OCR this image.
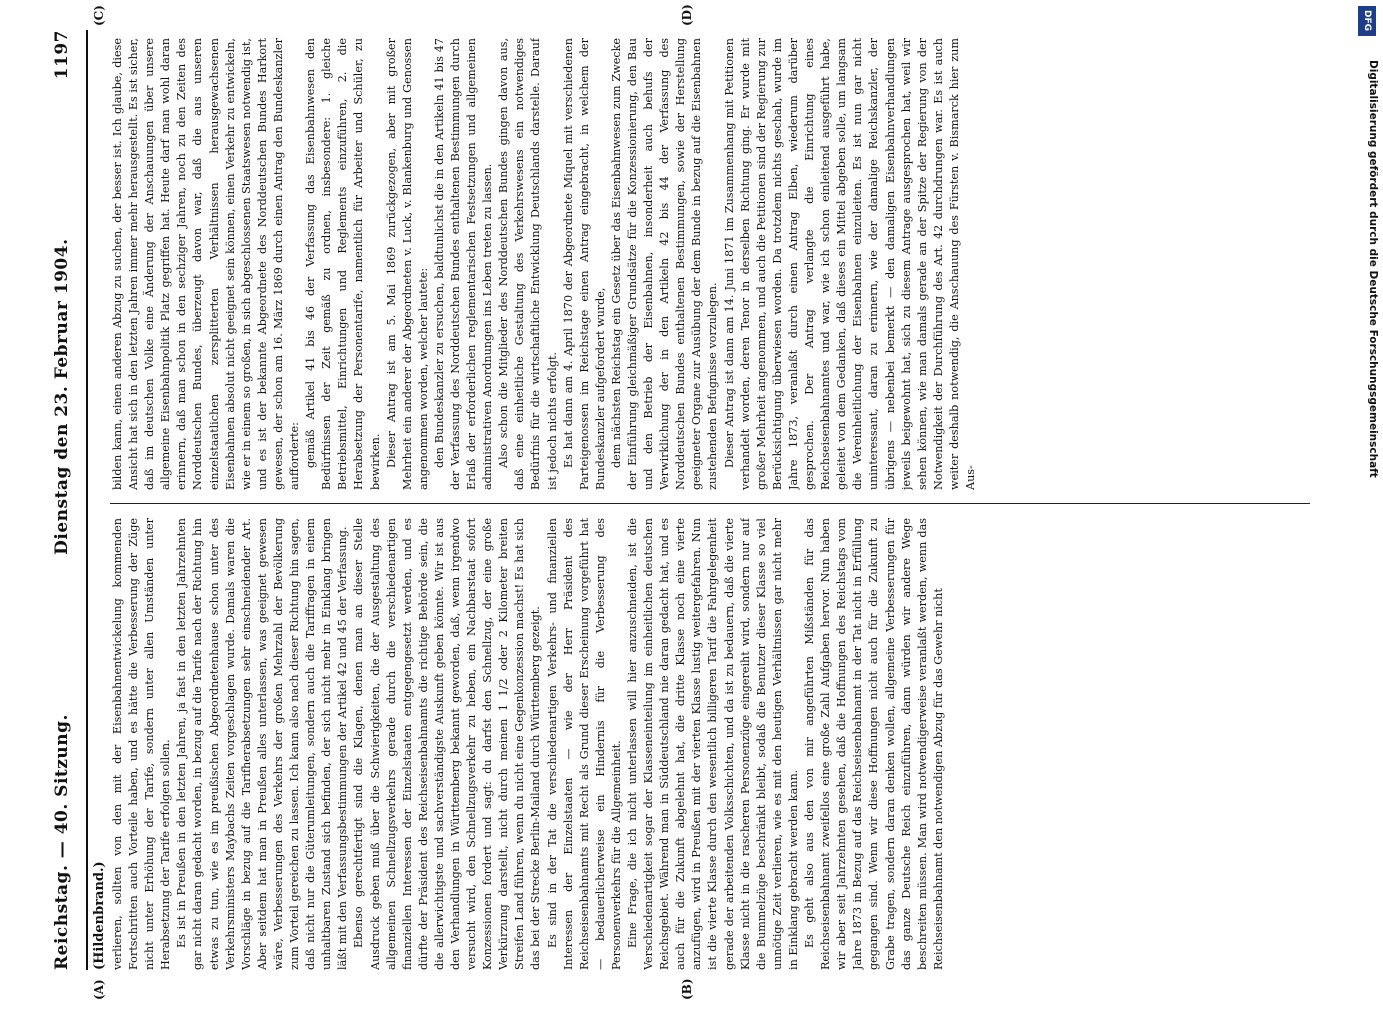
DFG
Reichstag. — 40. Sitzung.
Dienstag den 23. Februar 1904.
1197
(Hildenbrand.) verlieren, sollten von den mit der Eisenbahnentwickelung kommenden Fortschritten auch Vorteile haben, und es hätte die Verbesserung der Züge nicht unter Erhöhung der Tarife, sondern unter allen Umständen unter Herabsetzung der Tarife erfolgen sollen. Es ist in Preußen in den letzten Jahren, ja fast in den letzten Jahrzehnten gar nicht daran gedacht worden, in bezug auf die Tarife nach der Richtung hin etwas zu tun, wie es im preußischen Abgeordnetenhause schon unter des Verkehrsministers Maybachs Zeiten vorgeschlagen wurde. Damals waren die Vorschläge in bezug auf die Tarifherabsetzungen sehr einschneidender Art. Aber seitdem hat man in Preußen alles unterlassen, was geeignet gewesen wäre, Verbesserungen des Verkehrs der großen Mehrzahl der Bevölkerung zum Vorteil gereichen zu lassen. Ich kann also nach dieser Richtung hin sagen, daß nicht nur die Güterumleitungen, sondern auch die Tariffragen in einem unhaltbaren Zustand sich befinden, der sich nicht mehr in Einklang bringen läßt mit den Verfassungsbestimmungen der Artikel 42 und 45 der Verfassung. Ebenso gerechtfertigt sind die Klagen, denen man an dieser Stelle Ausdruck geben muß über die Schwierigkeiten, die der Ausgestaltung des allgemeinen Schnellzugsverkehrs gerade durch die verschiedenartigen finanziellen Interessen der Einzelstaaten entgegengesetzt werden, und es dürfte der Präsident des Reichseisenbahnamts die richtige Behörde sein, die die allerwichtigste und sachverständigste Auskunft geben könnte. Wir ist aus den Verhandlungen in Württemberg bekannt geworden, daß, wenn irgendwo versucht wird, den Schnellzugsverkehr zu heben, ein Nachbarstaat sofort Konzessionen fordert und sagt: du darfst den Schnellzug, der eine große Verkürzung darstellt, nicht durch meinen 1 1/2 oder 2 Kilometer breiten Streifen Land führen, wenn du nicht eine Gegenkonzession machst! Es hat sich das bei der Strecke Berlin-Mailand durch Württemberg gezeigt. Es sind in der Tat die verschiedenartigen Verkehrs- und finanziellen Interessen der Einzelstaaten — wie der Herr Präsident des Reichseisenbahnamts mit Recht als Grund dieser Erscheinung vorgeführt hat — bedauerlicherweise ein Hindernis für die Verbesserung des Personenverkehrs für die Allgemeinheit. Eine Frage, die ich nicht unterlassen will hier anzuschneiden, ist die Verschiedenartigkeit sogar der Klasseneinteilung im einheitlichen deutschen Reichsgebiet. Während man in Süddeutschland nie daran gedacht hat, und es auch für die Zukunft abgelehnt hat, die dritte Klasse noch eine vierte anzufügen, wird in Preußen mit der vierten Klasse lustig weitergefahren. Nun ist die vierte Klasse durch den wesentlich billigeren Tarif die Fahrgelegenheit gerade der arbeitenden Volksschichten, und da ist zu bedauern, daß die vierte Klasse nicht in die rascheren Personenzüge eingereiht wird, sondern nur auf die Bummelzüge beschränkt bleibt, sodaß die Benutzer dieser Klasse so viel unnötige Zeit verlieren, wie es mit den heutigen Verhältnissen gar nicht mehr in Einklang gebracht werden kann. Es geht also aus den von mir angeführten Mißständen für das Reichseisenbahnamt zweifellos eine große Zahl Aufgaben hervor. Nun haben wir aber seit Jahrzehnten gesehen, daß die Hoffnungen des Reichstags vom Jahre 1873 in Bezug auf das Reichseisenbahnamt in der Tat nicht in Erfüllung gegangen sind. Wenn wir diese Hoffnungen nicht auch für die Zukunft zu Grabe tragen, sondern daran denken wollen, allgemeine Verbesserungen für das ganze Deutsche Reich einzuführen, dann würden wir andere Wege beschreiten müssen. Man wird notwendigerweise veranlaßt werden, wenn das Reichseisenbahnamt den notwendigen Abzug für das Gewehr nicht

bilden kann, einen anderen Abzug zu suchen, der besser ist. Ich glaube, diese Ansicht hat sich in den letzten Jahren immer mehr herausgestellt. Es ist sicher, daß im deutschen Volke eine Änderung der Anschauungen über unsere allgemeine Eisenbahnpolitik Platz gegriffen hat. Heute darf man wohl daran erinnern, daß man schon in den sechziger Jahren, noch zu den Zeiten des Norddeutschen Bundes, überzeugt davon war, daß die aus unseren einzelstaatlichen zersplitterten Verhältnissen herausgewachsenen Eisenbahnen absolut nicht geeignet sein können, einen Verkehr zu entwickeln, wie er in einem so großen, in sich abgeschlossenen Staatswesen notwendig ist, und es ist der bekannte Abgeordnete des Norddeutschen Bundes Harkort gewesen, der schon am 16. März 1869 durch einen Antrag den Bundeskanzler aufforderte: gemäß Artikel 41 bis 46 der Verfassung das Eisenbahnwesen den Bedürfnissen der Zeit gemäß zu ordnen, insbesondere: 1. gleiche Betriebsmittel, Einrichtungen und Reglements einzuführen, 2. die Herabsetzung der Personentarife, namentlich für Arbeiter und Schüler, zu bewirken. Dieser Antrag ist am 5. Mai 1869 zurückgezogen, aber mit großer Mehrheit ein anderer der Abgeordneten v. Luck, v. Blankenburg und Genossen angenommen worden, welcher lautete: den Bundeskanzler zu ersuchen, baldtunlichst die in den Artikeln 41 bis 47 der Verfassung des Norddeutschen Bundes enthaltenen Bestimmungen durch Erlaß der erforderlichen reglementarischen Festsetzungen und allgemeinen administrativen Anordnungen ins Leben treten zu lassen. Also schon die Mitglieder des Norddeutschen Bundes gingen davon aus, daß eine einheitliche Gestaltung des Verkehrswesens ein notwendiges Bedürfnis für die wirtschaftliche Entwicklung Deutschlands darstelle. Darauf ist jedoch nichts erfolgt. Es hat dann am 4. April 1870 der Abgeordnete Miquel mit verschiedenen Parteigenossen im Reichstage einen Antrag eingebracht, in welchem der Bundeskanzler aufgefordert wurde, dem nächsten Reichstag ein Gesetz über das Eisenbahnwesen zum Zwecke der Einführung gleichmäßiger Grundsätze für die Konzessionierung, den Bau und den Betrieb der Eisenbahnen, insonderheit auch behufs der Verwirklichung der in den Artikeln 42 bis 44 der Verfassung des Norddeutschen Bundes enthaltenen Bestimmungen, sowie der Herstellung geeigneter Organe zur Ausübung der dem Bunde in bezug auf die Eisenbahnen zustehenden Befugnisse vorzulegen. Dieser Antrag ist dann am 14. Juni 1871 im Zusammenhang mit Petitionen verhandelt worden, deren Tenor in derselben Richtung ging. Er wurde mit großer Mehrheit angenommen, und auch die Petitionen sind der Regierung zur Berücksichtigung überwiesen worden. Da trotzdem nichts geschah, wurde im Jahre 1873, veranlaßt durch einen Antrag Elben, wiederum darüber gesprochen. Der Antrag verlangte die Einrichtung eines Reichseisenbahnamtes und war, wie ich schon einleitend ausgeführt habe, geleitet von dem Gedanken, daß dieses ein Mittel abgeben solle, um langsam die Vereinheitlichung der Eisenbahnen einzuleiten. Es ist nun gar nicht uninteressant, daran zu erinnern, wie der damalige Reichskanzler, der übrigens — nebenbei bemerkt — den damaligen Eisenbahnverhandlungen jeweils beigewohnt hat, sich zu diesem Antrage ausgesprochen hat, weil wir sehen können, wie man damals gerade an der Spitze der Regierung von der Notwendigkeit der Durchführung des Art. 42 durchdrungen war. Es ist auch weiter deshalb notwendig, die Anschauung des Fürsten v. Bismarck hier zum Aus-

(A)	(B)
(C)	(D)
Digitalisierung gefördert durch die Deutsche Forschungsgemeinschaft
